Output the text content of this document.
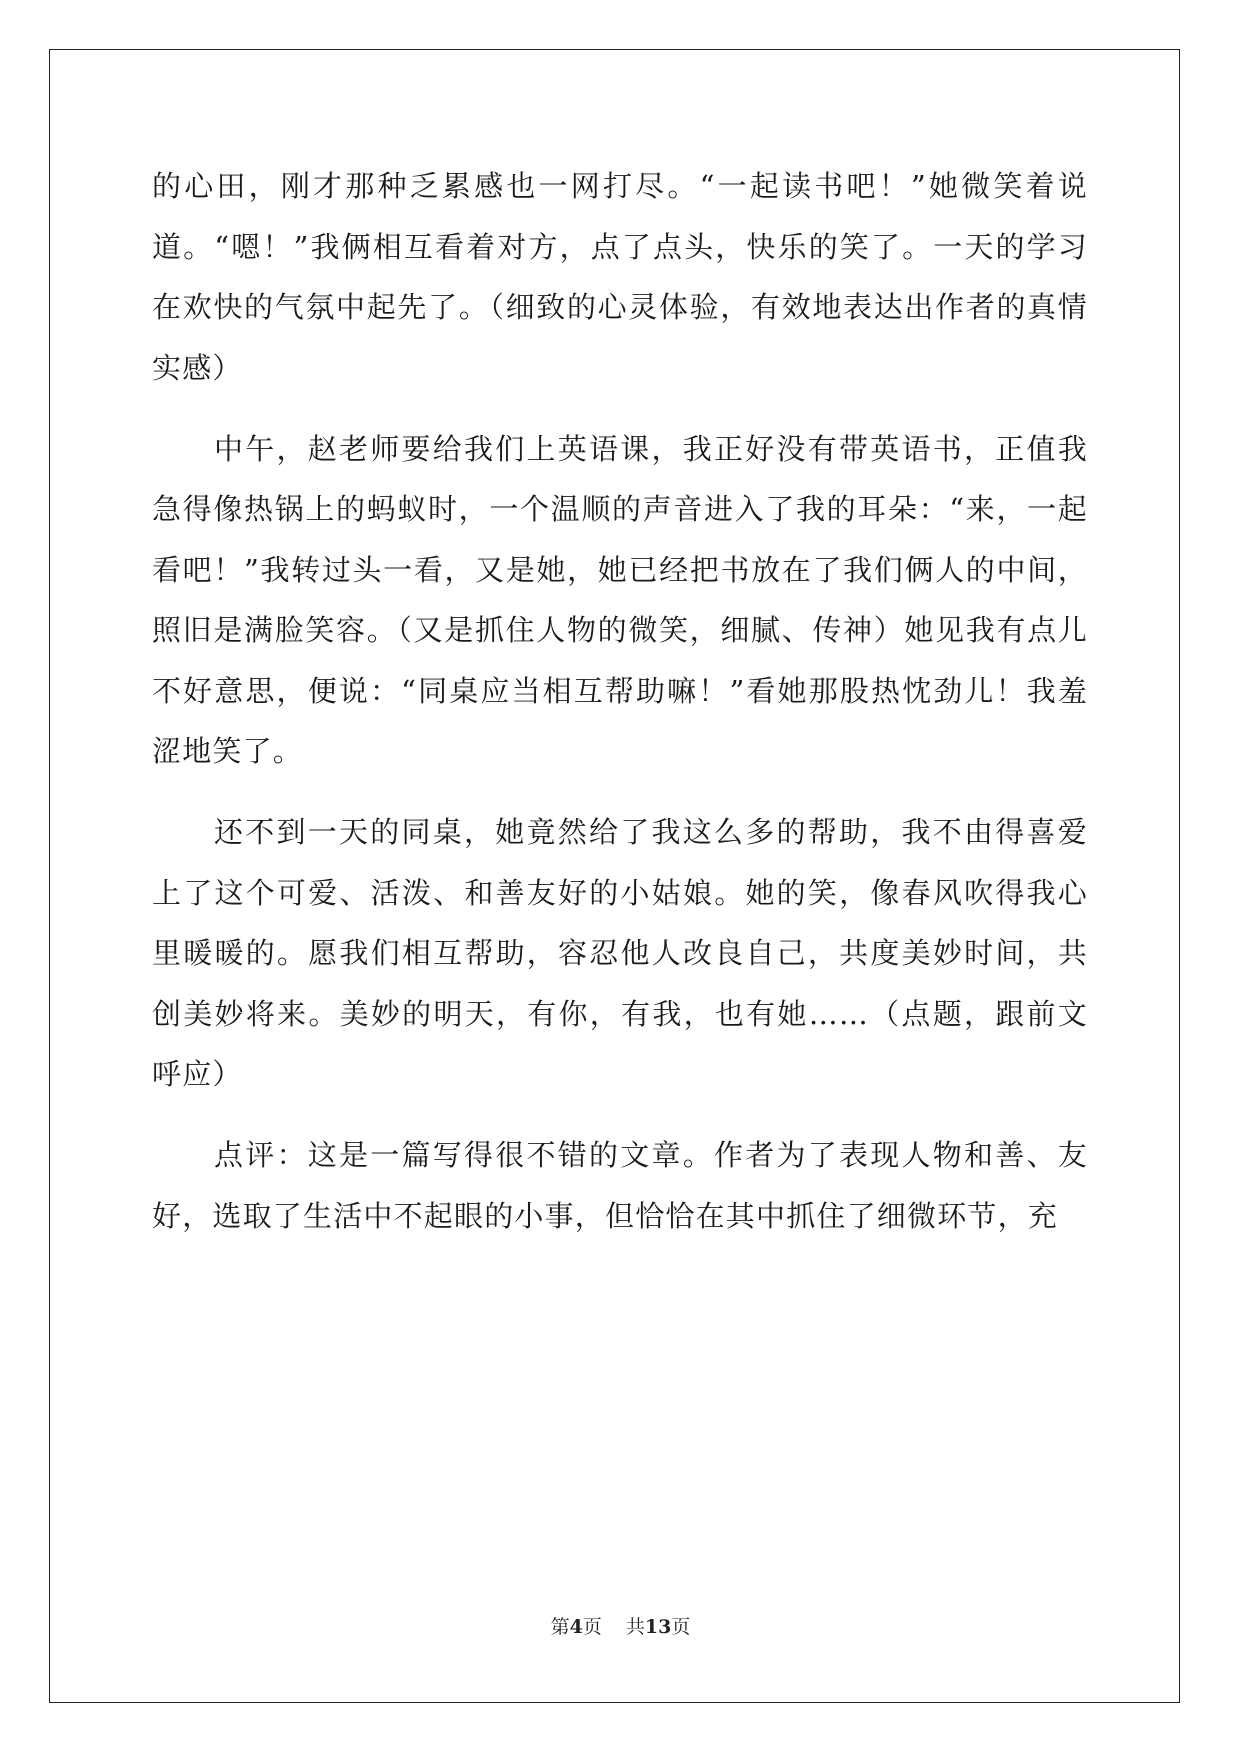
的心田，刚才那种乏累感也一网打尽。“一起读书吧！”她微笑着说道。“嗯！”我俩相互看着对方，点了点头，快乐的笑了。一天的学习在欢快的气氛中起先了。（细致的心灵体验，有效地表达出作者的真情实感）

中午，赵老师要给我们上英语课，我正好没有带英语书，正值我急得像热锅上的蚂蚁时，一个温顺的声音进入了我的耳朵：“来，一起看吧！”我转过头一看，又是她，她已经把书放在了我们俩人的中间，照旧是满脸笑容。（又是抓住人物的微笑，细腻、传神）她见我有点儿不好意思，便说：“同桌应当相互帮助嘛！”看她那股热忱劲儿！我羞涩地笑了。

还不到一天的同桌，她竟然给了我这么多的帮助，我不由得喜爱上了这个可爱、活泼、和善友好的小姑娘。她的笑，像春风吹得我心里暖暖的。愿我们相互帮助，容忍他人改良自己，共度美妙时间，共创美妙将来。美妙的明天，有你，有我，也有她……（点题，跟前文呼应）

点评：这是一篇写得很不错的文章。作者为了表现人物和善、友好，选取了生活中不起眼的小事，但恰恰在其中抓住了细微环节，充

第4页 共13页
